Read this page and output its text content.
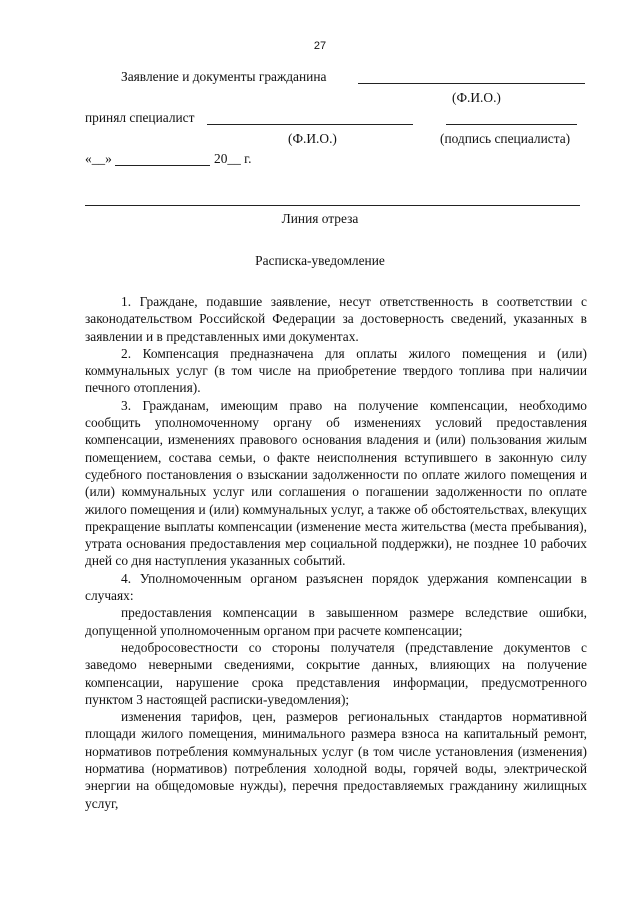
27
Заявление и документы гражданина
(Ф.И.О.)
принял специалист
(Ф.И.О.)	(подпись специалиста)
«__»	20__ г.
Линия отреза
Расписка-уведомление

1. Граждане, подавшие заявление, несут ответственность в соответствии с законодательством Российской Федерации за достоверность сведений, указанных в заявлении и в представленных ими документах.

2. Компенсация предназначена для оплаты жилого помещения и (или) коммунальных услуг (в том числе на приобретение твердого топлива при наличии печного отопления).

3. Гражданам, имеющим право на получение компенсации, необходимо сообщить уполномоченному органу об изменениях условий предоставления компенсации, изменениях правового основания владения и (или) пользования жилым помещением, состава семьи, о факте неисполнения вступившего в законную силу судебного постановления о взыскании задолженности по оплате жилого помещения и (или) коммунальных услуг или соглашения о погашении задолженности по оплате жилого помещения и (или) коммунальных услуг, а также об обстоятельствах, влекущих прекращение выплаты компенсации (изменение места жительства (места пребывания), утрата основания предоставления мер социальной поддержки), не позднее 10 рабочих дней со дня наступления указанных событий.

4. Уполномоченным органом разъяснен порядок удержания компенсации в случаях:

предоставления компенсации в завышенном размере вследствие ошибки, допущенной уполномоченным органом при расчете компенсации;

недобросовестности со стороны получателя (представление документов с заведомо неверными сведениями, сокрытие данных, влияющих на получение компенсации, нарушение срока представления информации, предусмотренного пунктом 3 настоящей расписки-уведомления);

изменения тарифов, цен, размеров региональных стандартов нормативной площади жилого помещения, минимального размера взноса на капитальный ремонт, нормативов потребления коммунальных услуг (в том числе установления (изменения) норматива (нормативов) потребления холодной воды, горячей воды, электрической энергии на общедомовые нужды), перечня предоставляемых гражданину жилищных услуг,
